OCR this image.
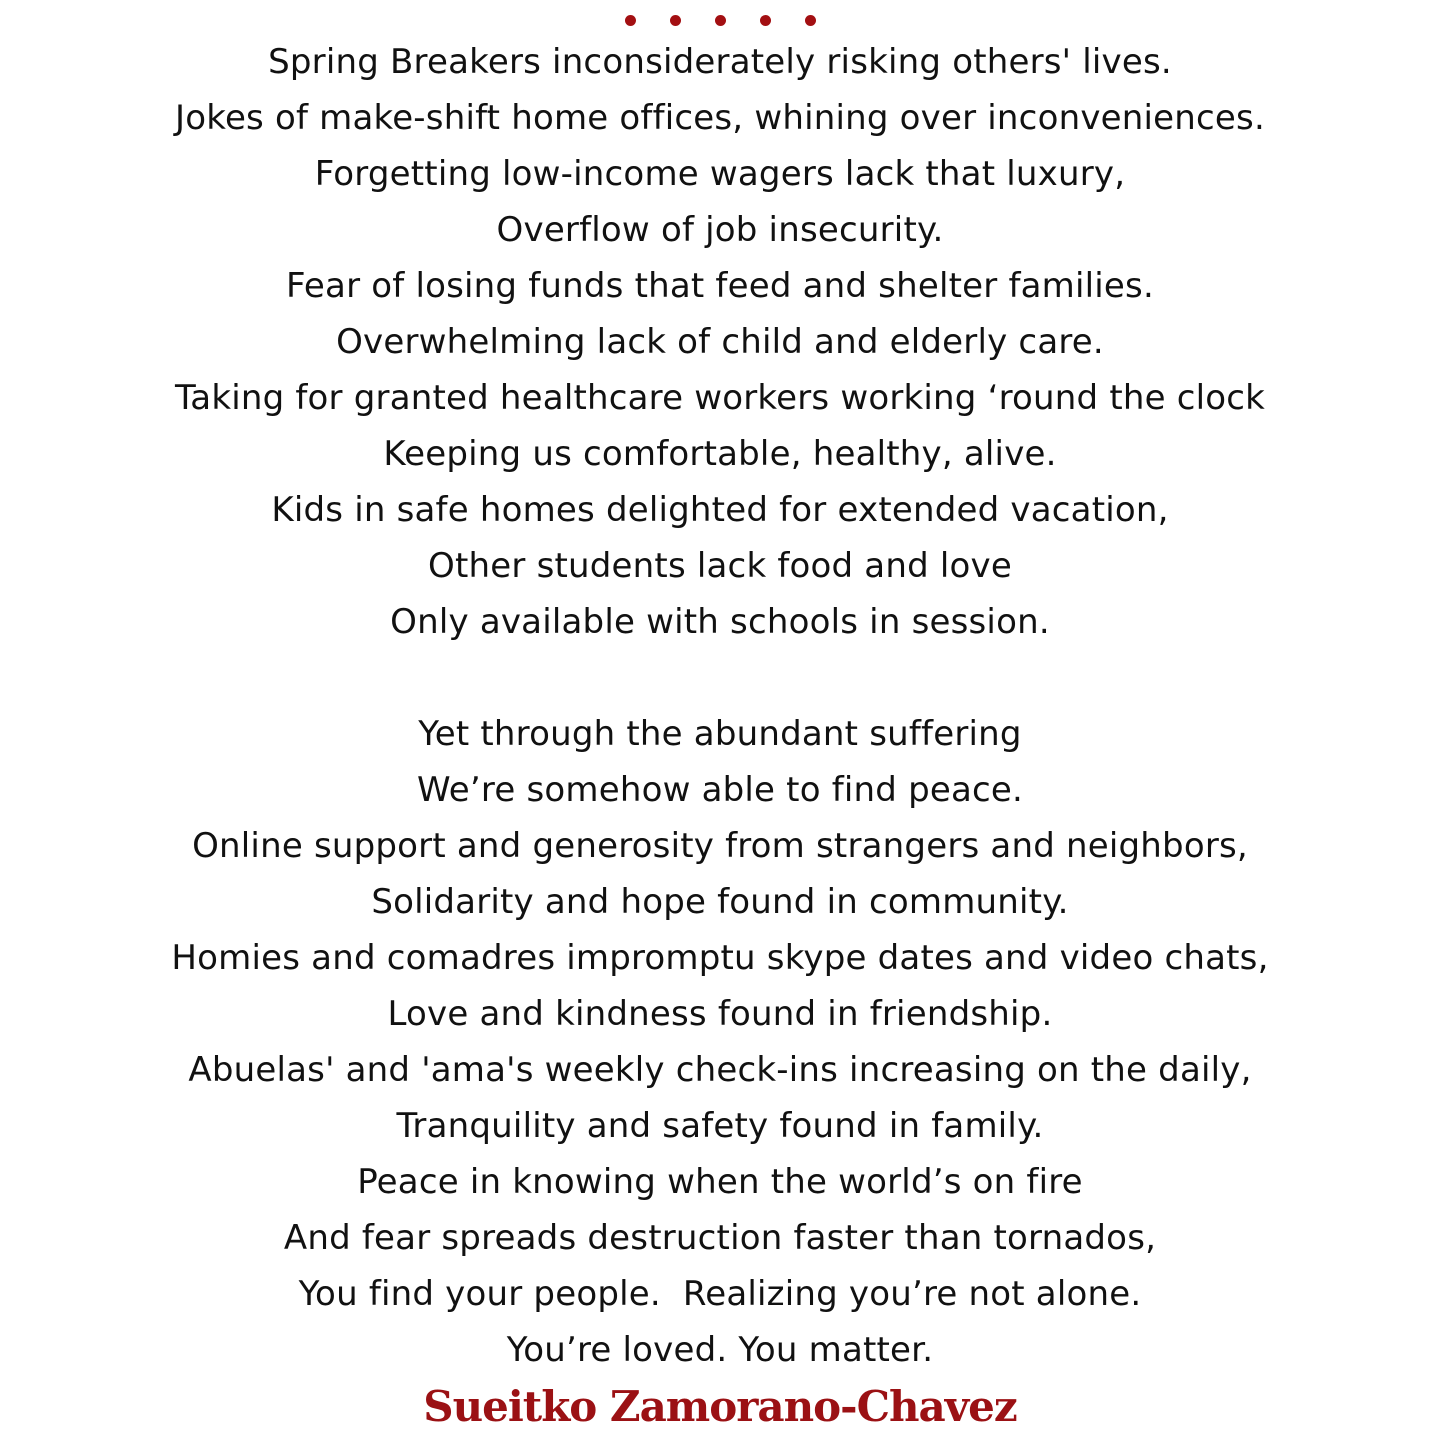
Spring Breakers inconsiderately risking others' lives.
Jokes of make-shift home offices, whining over inconveniences.
Forgetting low-income wagers lack that luxury,
Overflow of job insecurity.
Fear of losing funds that feed and shelter families.
Overwhelming lack of child and elderly care.
Taking for granted healthcare workers working ‘round the clock
Keeping us comfortable, healthy, alive.
Kids in safe homes delighted for extended vacation,
Other students lack food and love
Only available with schools in session.
Yet through the abundant suffering
We’re somehow able to find peace.
Online support and generosity from strangers and neighbors,
Solidarity and hope found in community.
Homies and comadres impromptu skype dates and video chats,
Love and kindness found in friendship.
Abuelas' and 'ama's weekly check-ins increasing on the daily,
Tranquility and safety found in family.
Peace in knowing when the world’s on fire
And fear spreads destruction faster than tornados,
You find your people.  Realizing you’re not alone.
You’re loved. You matter.
Sueitko Zamorano-Chavez
